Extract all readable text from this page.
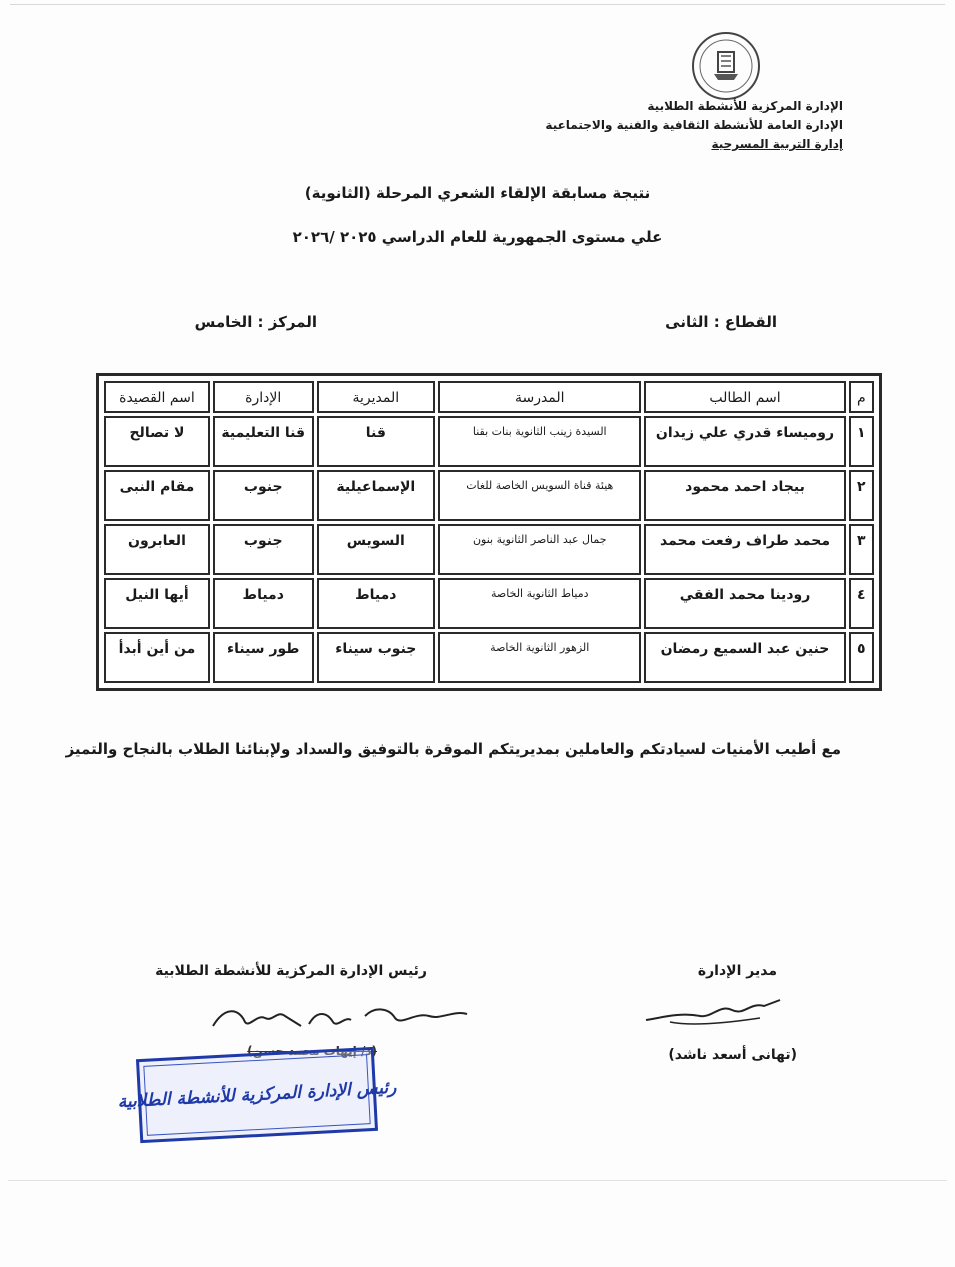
الإدارة المركزية للأنشطة الطلابية
الإدارة العامة للأنشطة الثقافية والفنية والاجتماعية
إدارة التربية المسرحية
نتيجة مسابقة الإلقاء الشعري المرحلة (الثانوية)
علي مستوى الجمهورية للعام الدراسي ٢٠٢٥ /٢٠٢٦
القطاع : الثانى
المركز : الخامس
م	اسم الطالب	المدرسة	المديرية	الإدارة	اسم القصيدة
١	روميساء قدري علي زيدان	السيدة زينب الثانوية بنات بقنا	قنا	قنا التعليمية	لا تصالح
٢	بيجاد احمد محمود	هيئة قناة السويس الخاصة للغات	الإسماعيلية	جنوب	مقام النبى
٣	محمد طراف رفعت محمد	جمال عبد الناصر الثانوية بنون	السويس	جنوب	العابرون
٤	رودينا محمد الفقي	دمياط الثانوية الخاصة	دمياط	دمياط	أيها النيل
٥	حنين عبد السميع رمضان	الزهور الثانوية الخاصة	جنوب سيناء	طور سيناء	من أين أبدأ
مع أطيب الأمنيات لسيادتكم والعاملين بمديريتكم الموقرة بالتوفيق والسداد ولإبنائنا الطلاب بالنجاح والتميز
رئيس الإدارة المركزية للأنشطة الطلابية	مدير الإدارة
(د/ إيهاب محمد حسن)	(تهانى أسعد ناشد)
رئيس الإدارة المركزية للأنشطة الطلابية
